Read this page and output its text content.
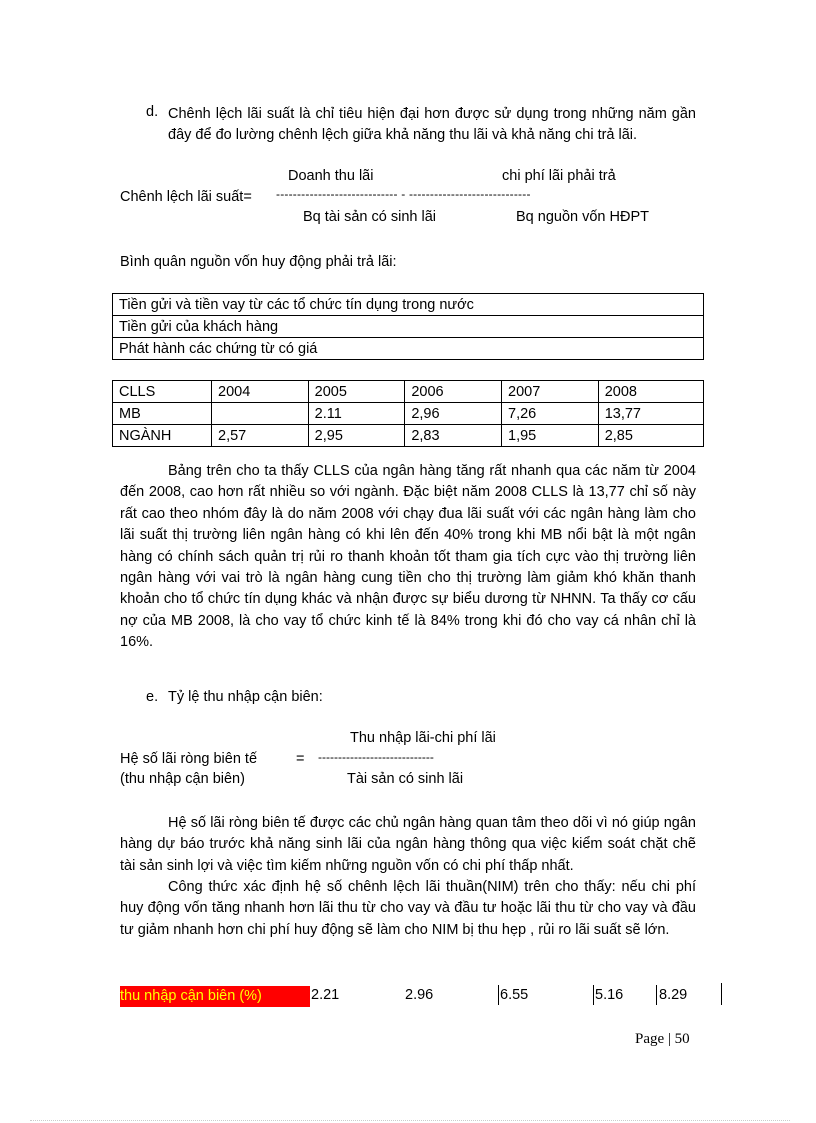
d. Chênh lệch lãi suất là chỉ tiêu hiện đại hơn được sử dụng trong những năm gần đây để đo lường chênh lệch giữa khả năng thu lãi và khả năng chi trả lãi.
Doanh thu lãi	chi phí lãi phải trả
Chênh lệch lãi suất= ----------------------------- - -----------------------------
Bq tài sản có sinh lãi	Bq nguồn vốn HĐPT
Bình quân nguồn vốn huy động phải trả lãi:
Tiền gửi và tiền vay từ các tổ chức tín dụng trong nước
Tiền gửi của khách hàng
Phát hành các chứng từ có giá
CLLS	2004	2005	2006	2007	2008
MB		2.11	2,96	7,26	13,77
NGÀNH	2,57	2,95	2,83	1,95	2,85
Bảng trên cho ta thấy CLLS của ngân hàng tăng rất nhanh qua các năm từ 2004 đến 2008, cao hơn rất nhiều so với ngành. Đặc biệt năm 2008 CLLS là 13,77 chỉ số này rất cao theo nhóm đây là do năm 2008 với chạy đua lãi suất với các ngân hàng làm cho lãi suất thị trường liên ngân hàng có khi lên đến 40% trong khi MB nổi bật là một ngân hàng có chính sách quản trị rủi ro thanh khoản tốt tham gia tích cực vào thị trường liên ngân hàng với vai trò là ngân hàng cung tiền cho thị trường làm giảm khó khăn thanh khoản cho tổ chức tín dụng khác và nhận được sự biểu dương từ NHNN. Ta thấy cơ cấu nợ của MB 2008, là cho vay tổ chức kinh tế là 84% trong khi đó cho vay cá nhân chỉ là 16%.
e. Tỷ lệ thu nhập cận biên:
Thu nhập lãi-chi phí lãi
Hệ số lãi ròng biên tế	= -----------------------------
(thu nhập cận biên)	Tài sản có sinh lãi
Hệ số lãi ròng biên tế được các chủ ngân hàng quan tâm theo dõi vì nó giúp ngân hàng dự báo trước khả năng sinh lãi của ngân hàng thông qua việc kiểm soát chặt chẽ tài sản sinh lợi và việc tìm kiếm những nguồn vốn có chi phí thấp nhất.
Công thức xác định hệ số chênh lệch lãi thuần(NIM) trên cho thấy: nếu chi phí huy động vốn tăng nhanh hơn lãi thu từ cho vay và đầu tư hoặc lãi thu từ cho vay và đầu tư giảm nhanh hơn chi phí huy động sẽ làm cho NIM bị thu hẹp , rủi ro lãi suất sẽ lớn.
thu nhập cận biên (%)	2.21	2.96	6.55	5.16 8.29
Page | 50
